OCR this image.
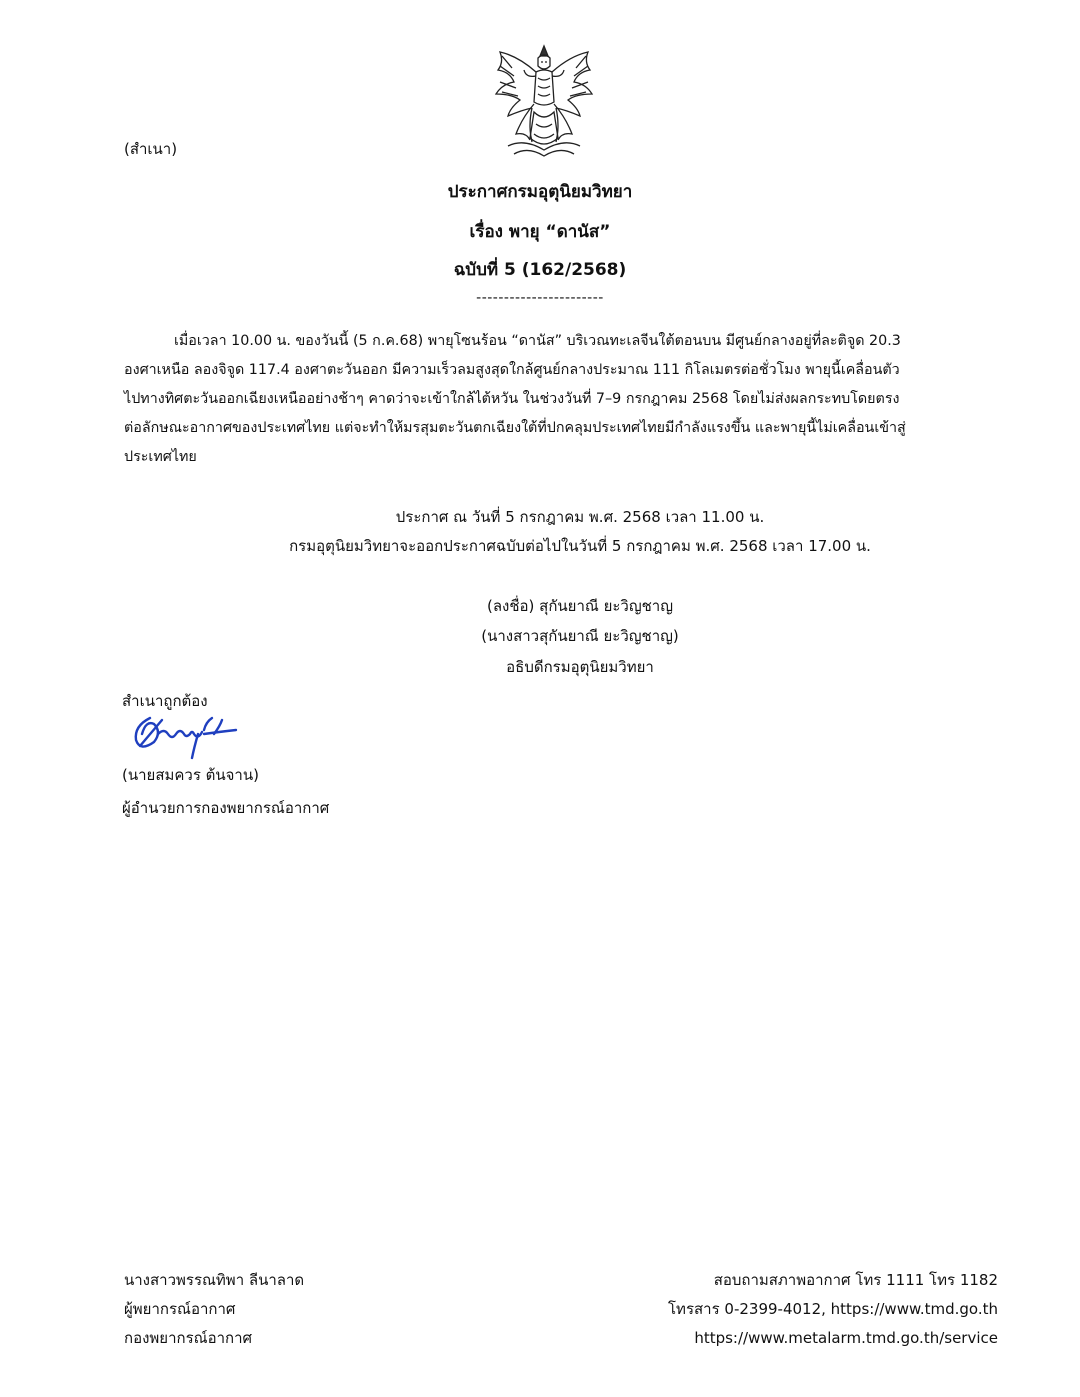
(สำเนา)
ประกาศกรมอุตุนิยมวิทยา
เรื่อง พายุ “ดานัส”
ฉบับที่ 5 (162/2568)
-----------------------
เมื่อเวลา 10.00 น. ของวันนี้ (5 ก.ค.68) พายุโซนร้อน “ดานัส” บริเวณทะเลจีนใต้ตอนบน มีศูนย์กลางอยู่ที่ละติจูด 20.3
องศาเหนือ ลองจิจูด 117.4 องศาตะวันออก มีความเร็วลมสูงสุดใกล้ศูนย์กลางประมาณ 111 กิโลเมตรต่อชั่วโมง พายุนี้เคลื่อนตัว
ไปทางทิศตะวันออกเฉียงเหนืออย่างช้าๆ คาดว่าจะเข้าใกล้ไต้หวัน ในช่วงวันที่ 7–9 กรกฎาคม 2568 โดยไม่ส่งผลกระทบโดยตรง
ต่อลักษณะอากาศของประเทศไทย แต่จะทำให้มรสุมตะวันตกเฉียงใต้ที่ปกคลุมประเทศไทยมีกำลังแรงขึ้น และพายุนี้ไม่เคลื่อนเข้าสู่
ประเทศไทย
ประกาศ ณ วันที่ 5 กรกฎาคม พ.ศ. 2568 เวลา 11.00 น.
กรมอุตุนิยมวิทยาจะออกประกาศฉบับต่อไปในวันที่ 5 กรกฎาคม พ.ศ. 2568 เวลา 17.00 น.
(ลงชื่อ) สุกันยาณี ยะวิญชาญ
(นางสาวสุกันยาณี ยะวิญชาญ)
อธิบดีกรมอุตุนิยมวิทยา
สำเนาถูกต้อง
(นายสมควร ต้นจาน)
ผู้อำนวยการกองพยากรณ์อากาศ
นางสาวพรรณทิพา ลีนาลาด
ผู้พยากรณ์อากาศ
กองพยากรณ์อากาศ
สอบถามสภาพอากาศ โทร 1111 โทร 1182
โทรสาร 0-2399-4012, https://www.tmd.go.th
https://www.metalarm.tmd.go.th/service
